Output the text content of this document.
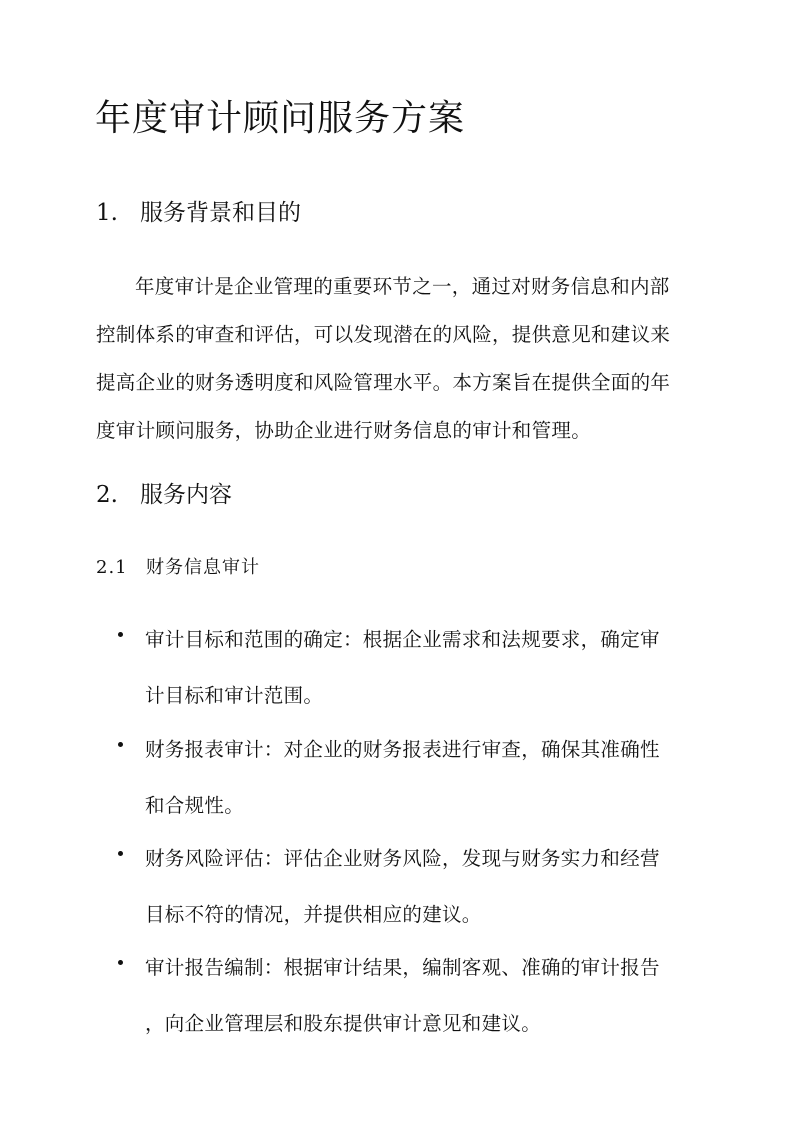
年度审计顾问服务方案
1. 服务背景和目的

年度审计是企业管理的重要环节之一，通过对财务信息和内部
控制体系的审查和评估，可以发现潜在的风险，提供意见和建议来
提高企业的财务透明度和风险管理水平。本方案旨在提供全面的年
度审计顾问服务，协助企业进行财务信息的审计和管理。

2. 服务内容
2.1 财务信息审计
审计目标和范围的确定：根据企业需求和法规要求，确定审
计目标和审计范围。
财务报表审计：对企业的财务报表进行审查，确保其准确性
和合规性。
财务风险评估：评估企业财务风险，发现与财务实力和经营
目标不符的情况，并提供相应的建议。
审计报告编制：根据审计结果，编制客观、准确的审计报告
，向企业管理层和股东提供审计意见和建议。
